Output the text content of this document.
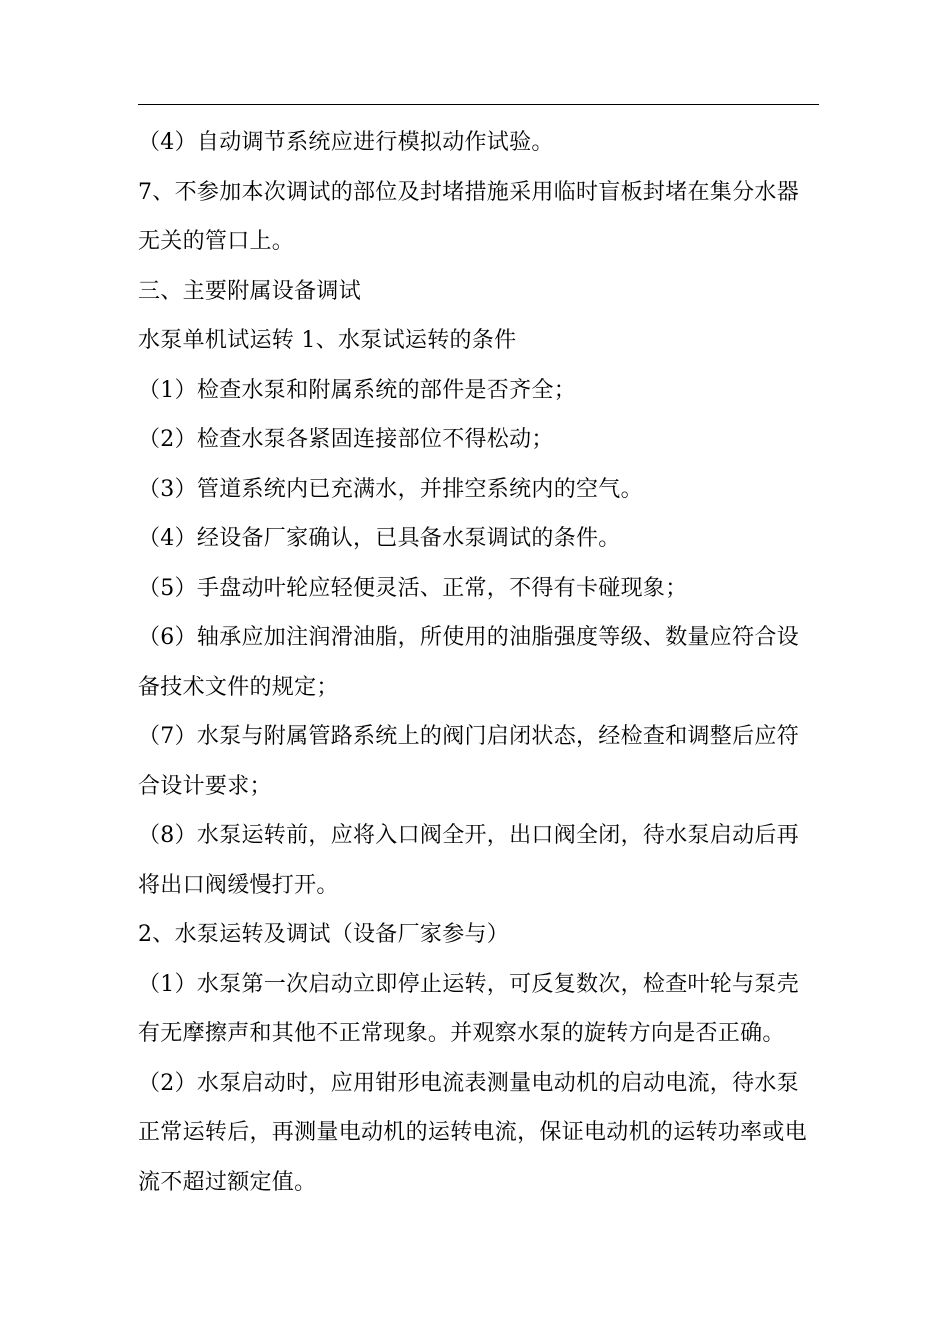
（4）自动调节系统应进行模拟动作试验。

7、不参加本次调试的部位及封堵措施采用临时盲板封堵在集分水器

无关的管口上。

三、主要附属设备调试

水泵单机试运转 1、水泵试运转的条件

（1）检查水泵和附属系统的部件是否齐全；

（2）检查水泵各紧固连接部位不得松动；

（3）管道系统内已充满水，并排空系统内的空气。

（4）经设备厂家确认，已具备水泵调试的条件。

（5）手盘动叶轮应轻便灵活、正常，不得有卡碰现象；

（6）轴承应加注润滑油脂，所使用的油脂强度等级、数量应符合设

备技术文件的规定；

（7）水泵与附属管路系统上的阀门启闭状态，经检查和调整后应符

合设计要求；

（8）水泵运转前，应将入口阀全开，出口阀全闭，待水泵启动后再

将出口阀缓慢打开。

2、水泵运转及调试（设备厂家参与）

（1）水泵第一次启动立即停止运转，可反复数次，检查叶轮与泵壳

有无摩擦声和其他不正常现象。并观察水泵的旋转方向是否正确。

（2）水泵启动时，应用钳形电流表测量电动机的启动电流，待水泵

正常运转后，再测量电动机的运转电流，保证电动机的运转功率或电

流不超过额定值。
